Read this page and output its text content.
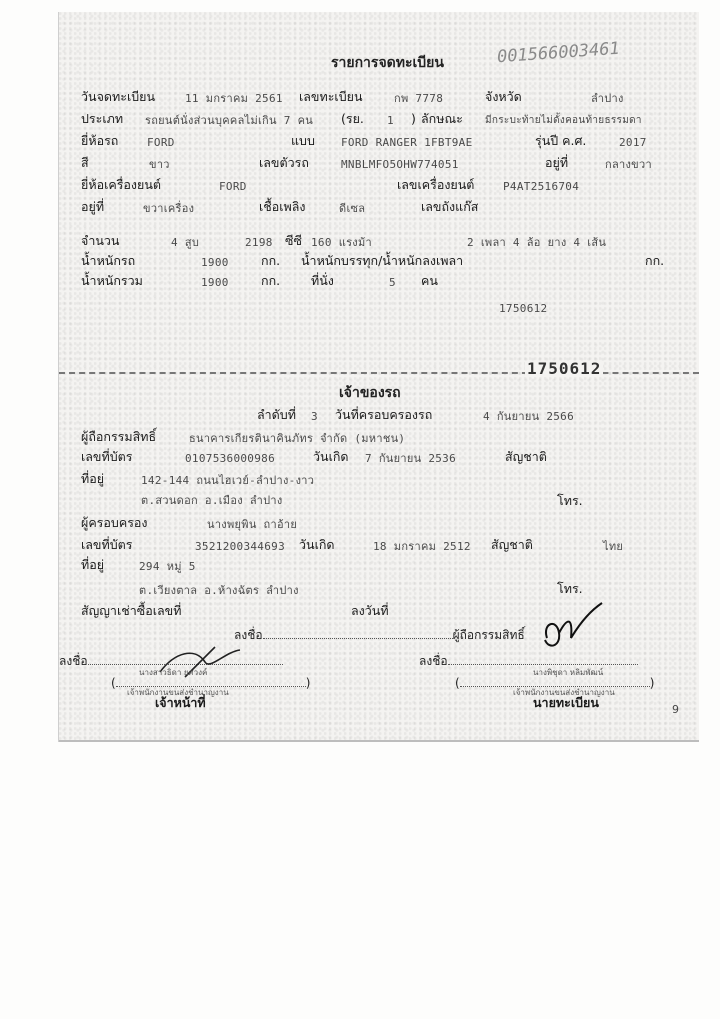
รายการจดทะเบียน	001566003461
วันจดทะเบียน	11 มกราคม 2561 เลขทะเบียน	กพ 7778	จังหวัด	ลำปาง
ประเภท รถยนต์นั่งส่วนบุคคลไม่เกิน 7 คน (รย. 1 ) ลักษณะ มีกระบะท้ายไม่ดั้งคอนท้ายธรรมดา
ยี่ห้อรถ	FORD	แบบ FORD RANGER 1FBT9AE	รุ่นปี ค.ศ.	2017
สี	ขาว	เลขตัวรถ	MNBLMFO5OHW774051	อยู่ที่	กลางขวา
ยี่ห้อเครื่องยนต์	FORD	เลขเครื่องยนต์	P4AT2516704
อยู่ที่	ขวาเครื่อง	เชื้อเพลิง	ดีเซล	เลขถังแก๊ส
จำนวน	4 สูบ	2198 ซีซี 160 แรงม้า	2 เพลา 4 ล้อ ยาง 4 เส้น
น้ำหนักรถ	1900	กก. น้ำหนักบรรทุก/น้ำหนักลงเพลา	กก.
น้ำหนักรวม	1900	กก. ที่นั่ง	5 คน
1750612
1750612
เจ้าของรถ
ลำดับที่ 3 วันที่ครอบครองรถ	4 กันยายน 2566
ผู้ถือกรรมสิทธิ์	ธนาคารเกียรตินาคินภัทร จำกัด (มหาชน)
เลขที่บัตร	0107536000986	วันเกิด 7 กันยายน 2536	สัญชาติ
ที่อยู่	142-144 ถนนไฮเวย์-ลำปาง-งาว
ต.สวนดอก อ.เมือง ลำปาง	โทร.
ผู้ครอบครอง	นางพยุพิน ถาอ้าย
เลขที่บัตร	3521200344693 วันเกิด	18 มกราคม 2512 สัญชาติ	ไทย
ที่อยู่	294 หมู่ 5
ต.เวียงตาล อ.ห้างฉัตร ลำปาง	โทร.
สัญญาเช่าซื้อเลขที่	ลงวันที่
ลงชื่อ	ผู้ถือกรรมสิทธิ์
ลงชื่อ
นางสาวธิดา ยศวงค์
(	)
เจ้าพนักงานขนส่งชำนาญงาน
เจ้าหน้าที่
ลงชื่อ
นางพิชุดา หลิมพัฒน์
(	)
เจ้าพนักงานขนส่งชำนาญงาน
นายทะเบียน	9
